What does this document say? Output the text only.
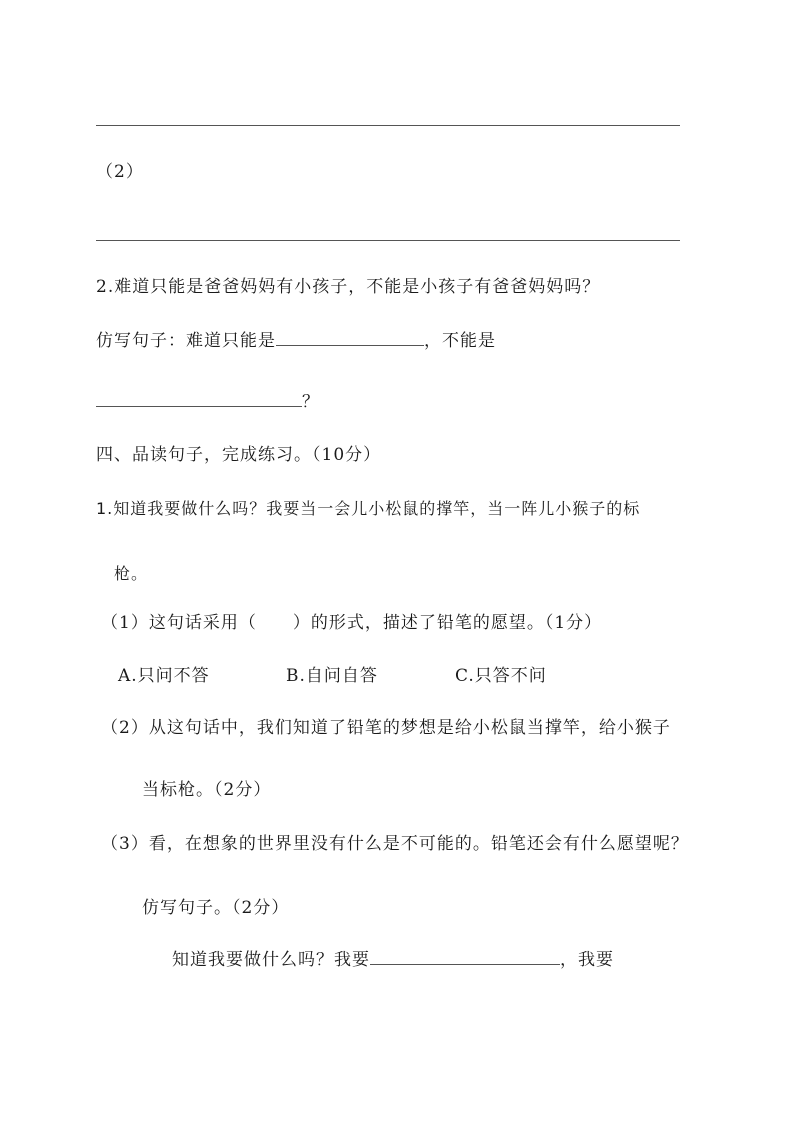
（2）
2.难道只能是爸爸妈妈有小孩子，不能是小孩子有爸爸妈妈吗？
仿写句子：难道只能是	，不能是
？
四、品读句子，完成练习。（10分）
1.知道我要做什么吗？我要当一会儿小松鼠的撑竿，当一阵儿小猴子的标
枪。
（1）这句话采用（　　）的形式，描述了铅笔的愿望。（1分）
A.只问不答	B.自问自答	C.只答不问
（2）从这句话中，我们知道了铅笔的梦想是给小松鼠当撑竿，给小猴子
当标枪。（2分）
（3）看，在想象的世界里没有什么是不可能的。铅笔还会有什么愿望呢？
仿写句子。（2分）
知道我要做什么吗？我要	，我要
